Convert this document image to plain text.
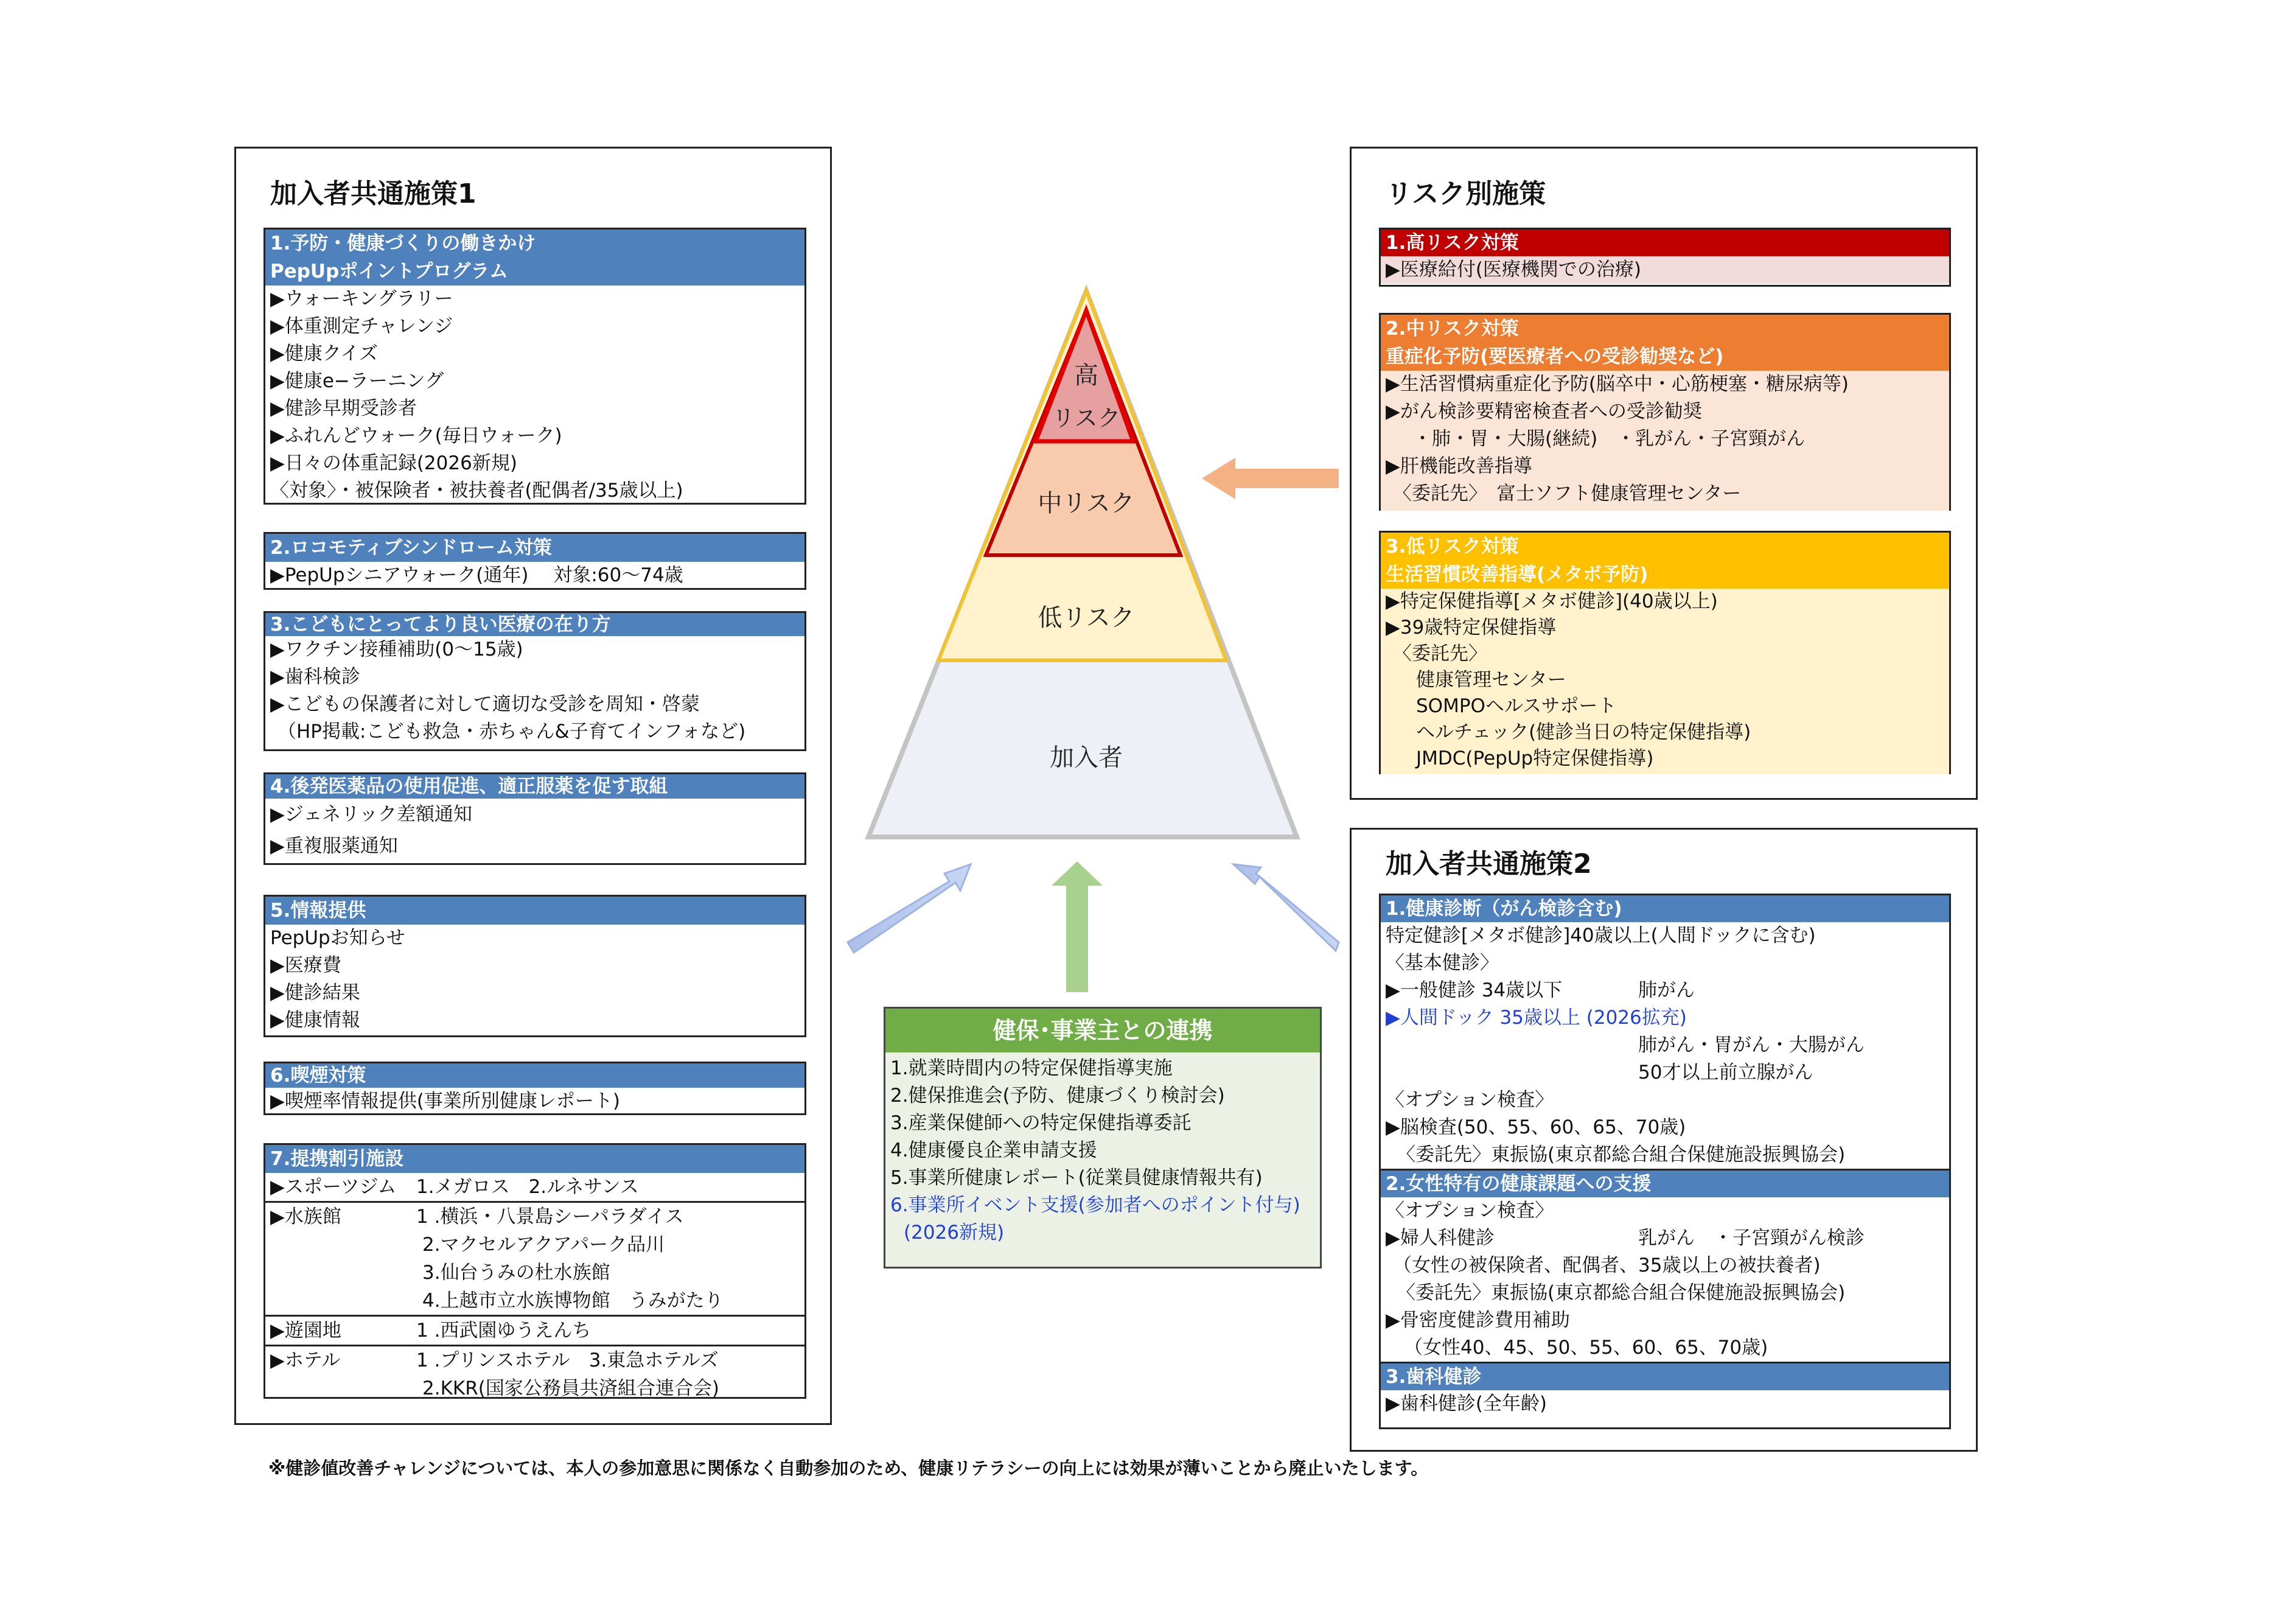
加入者共通施策1
1.予防・健康づくりの働きかけ
PepUpポイントプログラム
▶ウォーキングラリー
▶体重測定チャレンジ
▶健康クイズ
▶健康e−ラーニング
▶健診早期受診者
▶ふれんどウォーク(毎日ウォーク)
▶日々の体重記録(2026新規)
〈対象〉・被保険者・被扶養者(配偶者/35歳以上)
2.ロコモティブシンドローム対策
▶PepUpシニアウォーク(通年)　 対象:60〜74歳
3.こどもにとってより良い医療の在り方
▶ワクチン接種補助(0〜15歳)
▶歯科検診
▶こどもの保護者に対して適切な受診を周知・啓蒙
（HP掲載:こども救急・赤ちゃん&子育てインフォなど)
4.後発医薬品の使用促進、適正服薬を促す取組
▶ジェネリック差額通知
▶重複服薬通知
5.情報提供
PepUpお知らせ
▶医療費
▶健診結果
▶健康情報
6.喫煙対策
▶喫煙率情報提供(事業所別健康レポート)
7.提携割引施設
▶スポーツジム	1.メガロス　2.ルネサンス
▶水族館	1 .横浜・八景島シーパラダイス
2.マクセルアクアパーク品川
3.仙台うみの杜水族館
4.上越市立水族博物館　うみがたり
▶遊園地	1 .西武園ゆうえんち
▶ホテル	1 .プリンスホテル　3.東急ホテルズ
2.KKR(国家公務員共済組合連合会)
高
リスク
中リスク
低リスク
加入者
健保･事業主との連携
1.就業時間内の特定保健指導実施
2.健保推進会(予防、健康づくり検討会)
3.産業保健師への特定保健指導委託
4.健康優良企業申請支援
5.事業所健康レポート(従業員健康情報共有)
6.事業所イベント支援(参加者へのポイント付与)
(2026新規)
リスク別施策
1.高リスク対策
▶医療給付(医療機関での治療)
2.中リスク対策
重症化予防(要医療者への受診勧奨など)
▶生活習慣病重症化予防(脳卒中・心筋梗塞・糖尿病等)
▶がん検診要精密検査者への受診勧奨
・肺・胃・大腸(継続)　・乳がん・子宮頸がん
▶肝機能改善指導
〈委託先〉　富士ソフト健康管理センター
3.低リスク対策
生活習慣改善指導(メタボ予防)
▶特定保健指導[メタボ健診](40歳以上)
▶39歳特定保健指導
〈委託先〉
健康管理センター
SOMPOヘルスサポート
ヘルチェック(健診当日の特定保健指導)
JMDC(PepUp特定保健指導)
加入者共通施策2
1.健康診断（がん検診含む)
特定健診[メタボ健診]40歳以上(人間ドックに含む)
〈基本健診〉
▶一般健診 34歳以下	肺がん
▶人間ドック 35歳以上 (2026拡充)
肺がん・胃がん・大腸がん
50才以上前立腺がん
〈オプション検査〉
▶脳検査(50、55、60、65、70歳)
〈委託先〉東振協(東京都総合組合保健施設振興協会)
2.女性特有の健康課題への支援
〈オプション検査〉
▶婦人科健診	乳がん　・子宮頸がん検診
（女性の被保険者、配偶者、35歳以上の被扶養者)
〈委託先〉東振協(東京都総合組合保健施設振興協会)
▶骨密度健診費用補助
（女性40、45、50、55、60、65、70歳)
3.歯科健診
▶歯科健診(全年齢)
※健診値改善チャレンジについては、本人の参加意思に関係なく自動参加のため、健康リテラシーの向上には効果が薄いことから廃止いたします。
